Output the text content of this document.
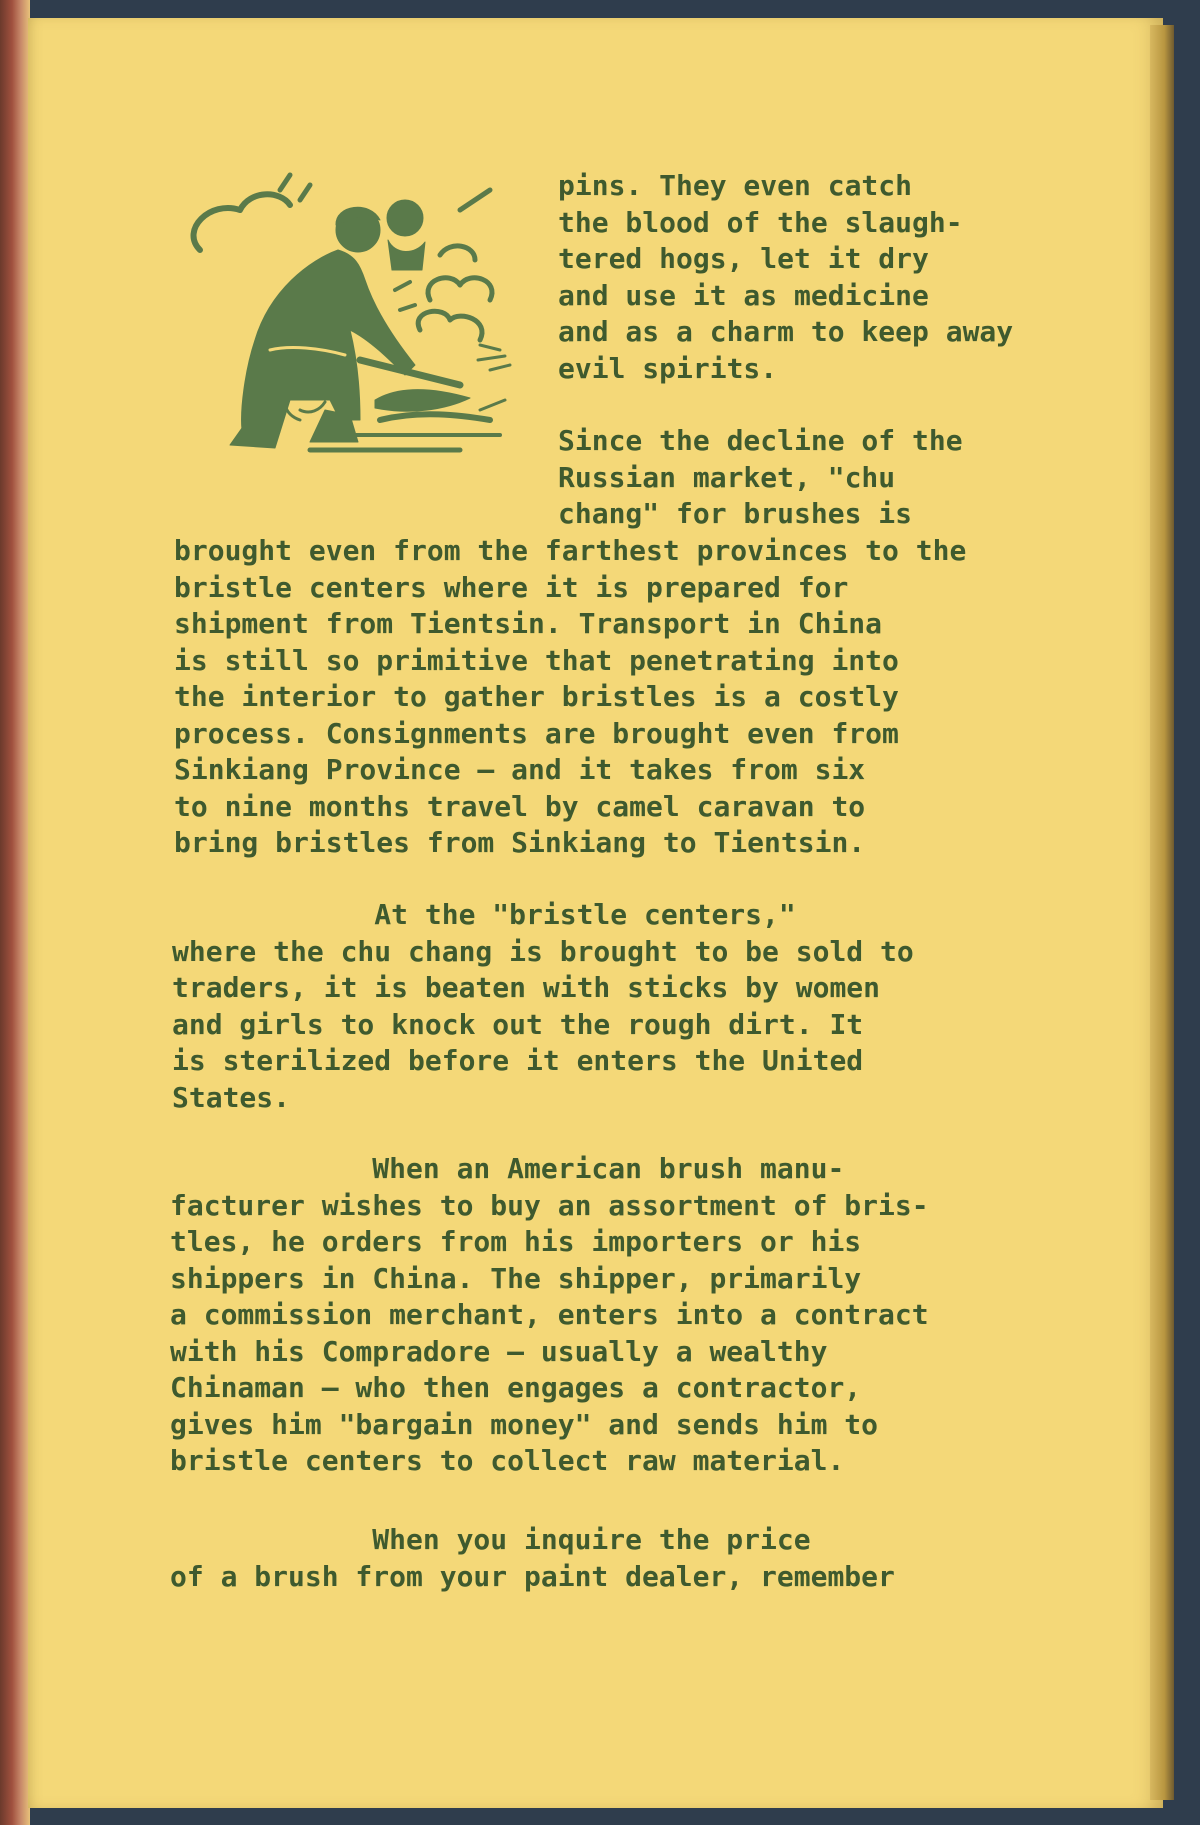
pins. They even catch
the blood of the slaugh-
tered hogs, let it dry
and use it as medicine
and as a charm to keep away
evil spirits.
Since the decline of the
Russian market, "chu
chang" for brushes is
brought even from the farthest provinces to the
bristle centers where it is prepared for
shipment from Tientsin. Transport in China
is still so primitive that penetrating into
the interior to gather bristles is a costly
process. Consignments are brought even from
Sinkiang Province — and it takes from six
to nine months travel by camel caravan to
bring bristles from Sinkiang to Tientsin.
At the "bristle centers,"
where the chu chang is brought to be sold to
traders, it is beaten with sticks by women
and girls to knock out the rough dirt. It
is sterilized before it enters the United
States.
When an American brush manu-
facturer wishes to buy an assortment of bris-
tles, he orders from his importers or his
shippers in China. The shipper, primarily
a commission merchant, enters into a contract
with his Compradore — usually a wealthy
Chinaman — who then engages a contractor,
gives him "bargain money" and sends him to
bristle centers to collect raw material.
When you inquire the price
of a brush from your paint dealer, remember
